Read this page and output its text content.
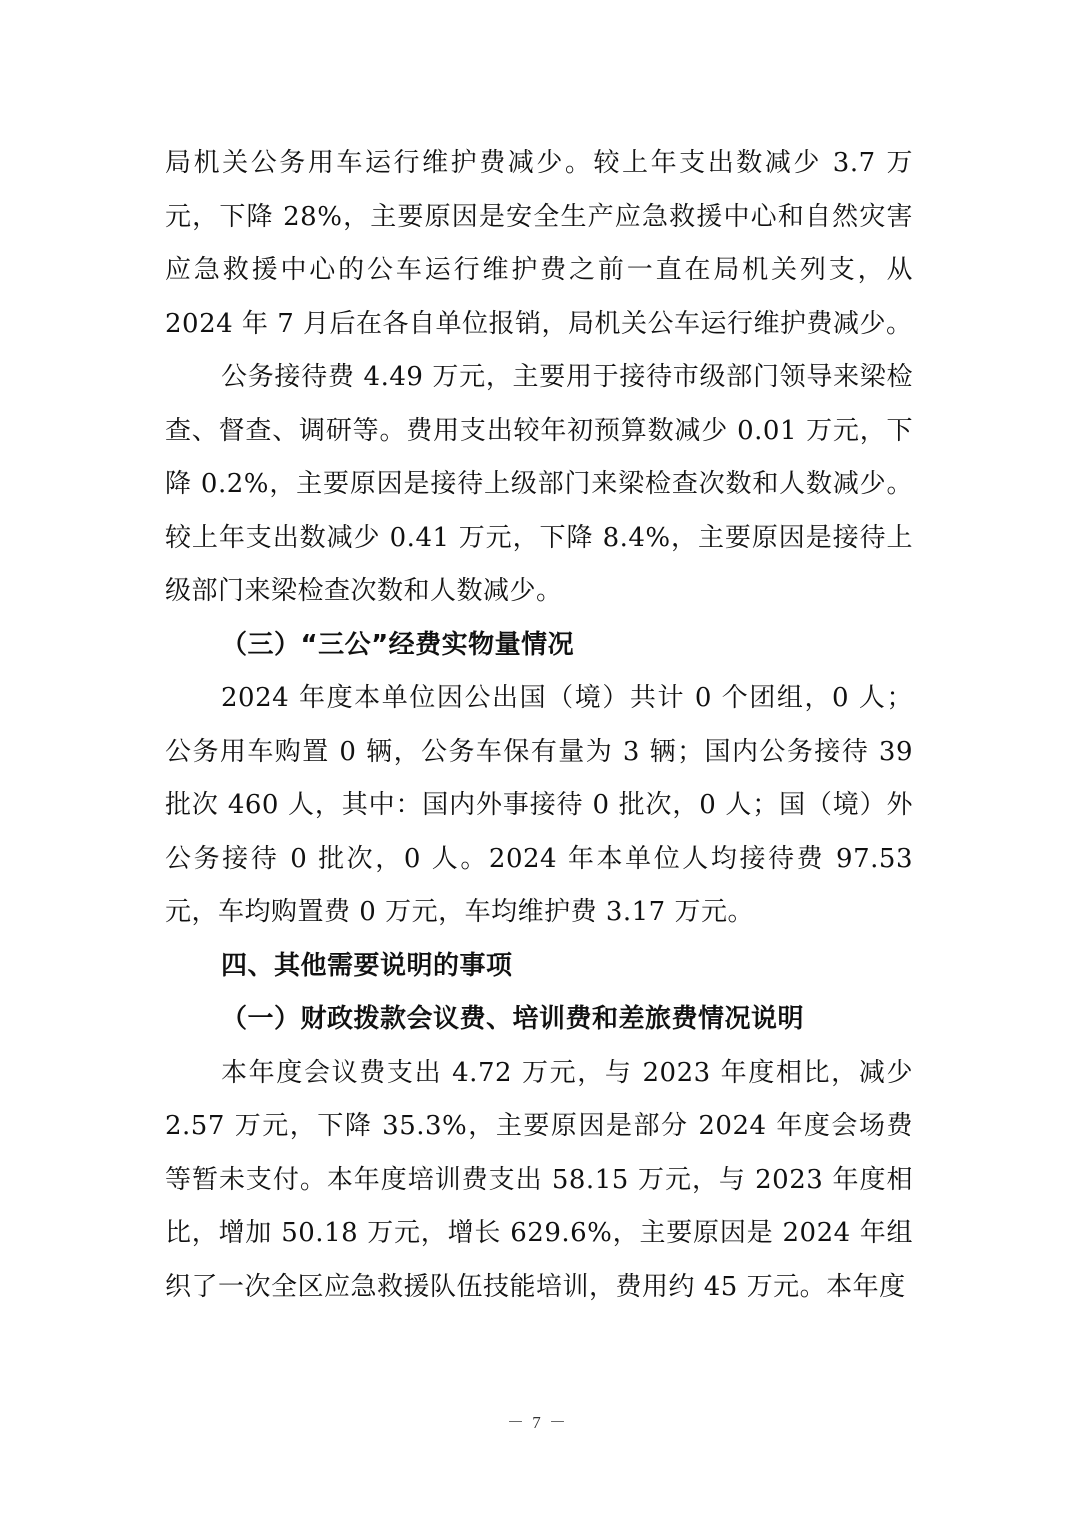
局机关公务用车运行维护费减少。较上年支出数减少 3.7 万元，下降 28%，主要原因是安全生产应急救援中心和自然灾害应急救援中心的公车运行维护费之前一直在局机关列支，从 2024 年 7 月后在各自单位报销，局机关公车运行维护费减少。

公务接待费 4.49 万元，主要用于接待市级部门领导来梁检查、督查、调研等。费用支出较年初预算数减少 0.01 万元，下降 0.2%，主要原因是接待上级部门来梁检查次数和人数减少。较上年支出数减少 0.41 万元，下降 8.4%，主要原因是接待上级部门来梁检查次数和人数减少。

（三）“三公”经费实物量情况

2024 年度本单位因公出国（境）共计 0 个团组，0 人；公务用车购置 0 辆，公务车保有量为 3 辆；国内公务接待 39 批次 460 人，其中：国内外事接待 0 批次，0 人；国（境）外公务接待 0 批次，0 人。2024 年本单位人均接待费 97.53 元，车均购置费 0 万元，车均维护费 3.17 万元。

四、其他需要说明的事项

（一）财政拨款会议费、培训费和差旅费情况说明

本年度会议费支出 4.72 万元，与 2023 年度相比，减少 2.57 万元，下降 35.3%，主要原因是部分 2024 年度会场费等暂未支付。本年度培训费支出 58.15 万元，与 2023 年度相比，增加 50.18 万元，增长 629.6%，主要原因是 2024 年组织了一次全区应急救援队伍技能培训，费用约 45 万元。本年度

－ 7 －
